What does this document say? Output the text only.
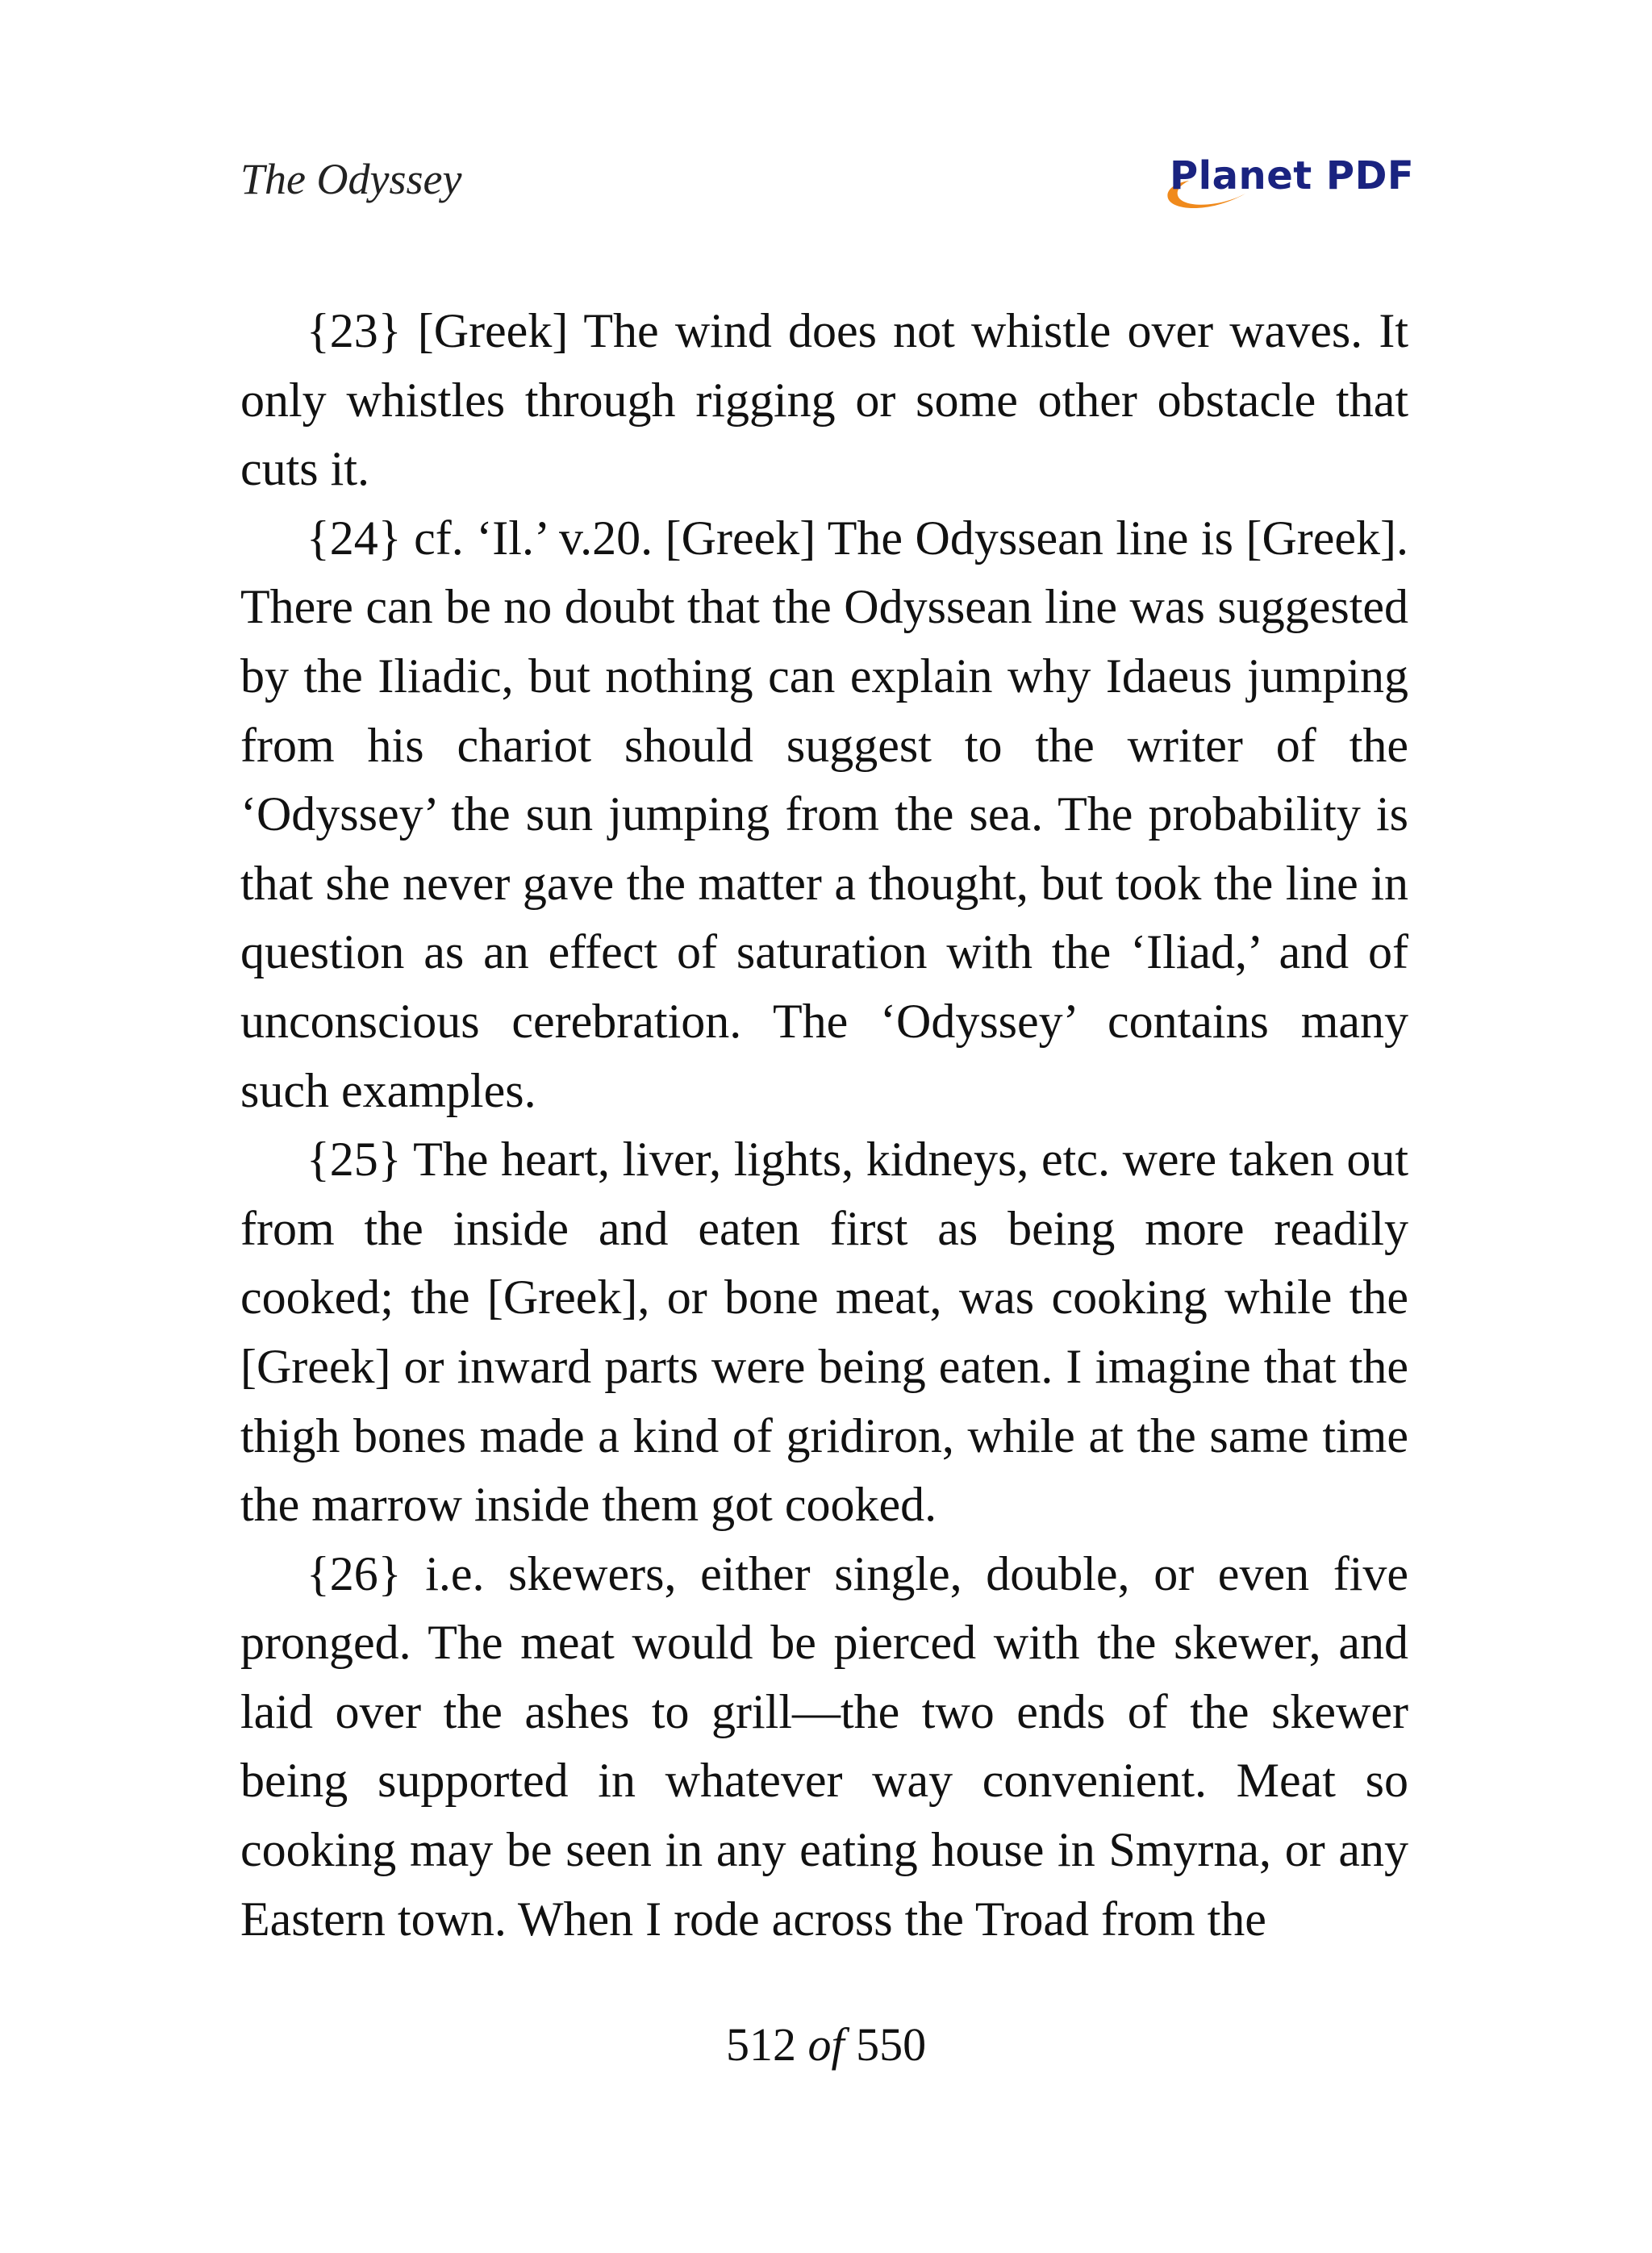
The Odyssey	Planet PDF

{23} [Greek] The wind does not whistle over waves. It only whistles through rigging or some other obstacle that cuts it.

{24} cf. ‘Il.’ v.20. [Greek] The Odyssean line is [Greek]. There can be no doubt that the Odyssean line was suggested by the Iliadic, but nothing can explain why Idaeus jumping from his chariot should suggest to the writer of the ‘Odyssey’ the sun jumping from the sea. The probability is that she never gave the matter a thought, but took the line in question as an effect of saturation with the ‘Iliad,’ and of unconscious cerebration. The ‘Odyssey’ contains many such examples.

{25} The heart, liver, lights, kidneys, etc. were taken out from the inside and eaten first as being more readily cooked; the [Greek], or bone meat, was cooking while the [Greek] or inward parts were being eaten. I imagine that the thigh bones made a kind of gridiron, while at the same time the marrow inside them got cooked.

{26} i.e. skewers, either single, double, or even five pronged. The meat would be pierced with the skewer, and laid over the ashes to grill—the two ends of the skewer being supported in whatever way convenient. Meat so cooking may be seen in any eating house in Smyrna, or any Eastern town. When I rode across the Troad from the

512 of 550
